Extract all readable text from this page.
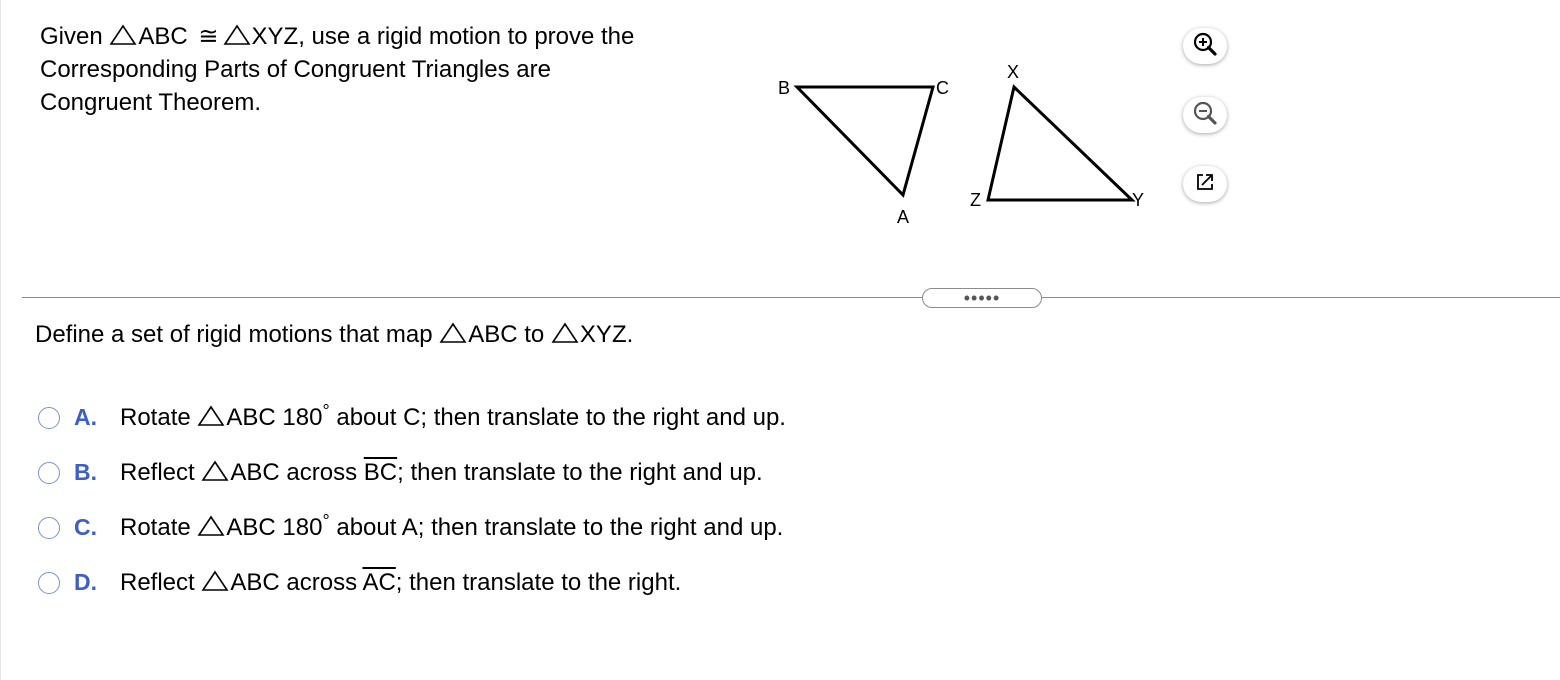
Given ABC ≅ XYZ, use a rigid motion to prove the
Corresponding Parts of Congruent Triangles are
Congruent Theorem.
B	C
A
X
Z	Y
•••••
Define a set of rigid motions that map
ABC to
XYZ.
A. Rotate
ABC 180° about C; then translate to the right and up.
B. Reflect
ABC across $\overline{BC}$; then translate to the right and up.
C. Rotate
ABC 180° about A; then translate to the right and up.
D. Reflect
ABC across $\overline{AC}$; then translate to the right.
